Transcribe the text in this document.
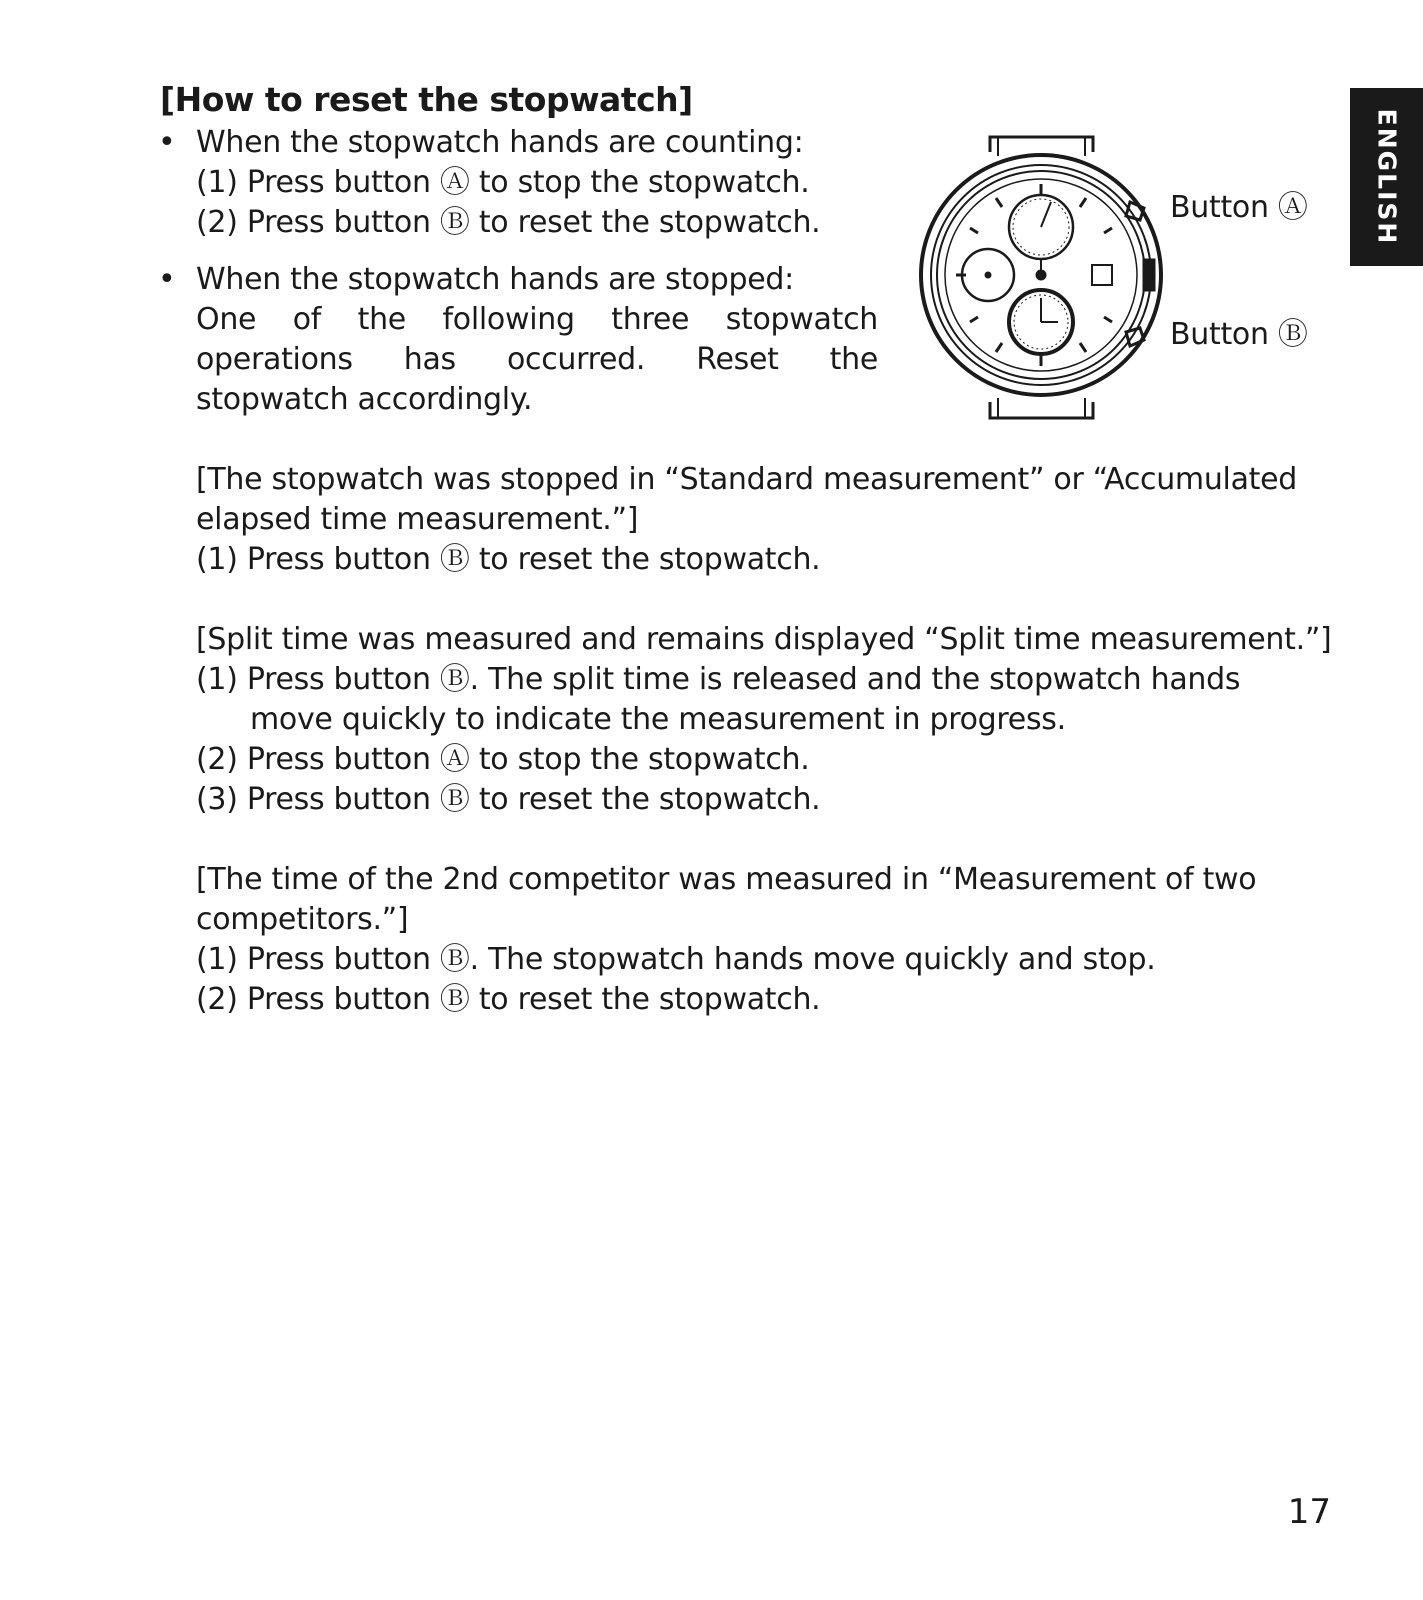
[How to reset the stopwatch]
• When the stopwatch hands are counting:
(1) Press button Ⓐ to stop the stopwatch.
(2) Press button Ⓑ to reset the stopwatch.
• When the stopwatch hands are stopped:
One of the following three stopwatch
operations has occurred. Reset the
stopwatch accordingly.
[The stopwatch was stopped in “Standard measurement” or “Accumulated
elapsed time measurement.”]
(1) Press button Ⓑ to reset the stopwatch.
[Split time was measured and remains displayed “Split time measurement.”]
(1) Press button Ⓑ. The split time is released and the stopwatch hands
move quickly to indicate the measurement in progress.
(2) Press button Ⓐ to stop the stopwatch.
(3) Press button Ⓑ to reset the stopwatch.
[The time of the 2nd competitor was measured in “Measurement of two
competitors.”]
(1) Press button Ⓑ. The stopwatch hands move quickly and stop.
(2) Press button Ⓑ to reset the stopwatch.
Button Ⓐ
Button Ⓑ
ENGLISH
17
